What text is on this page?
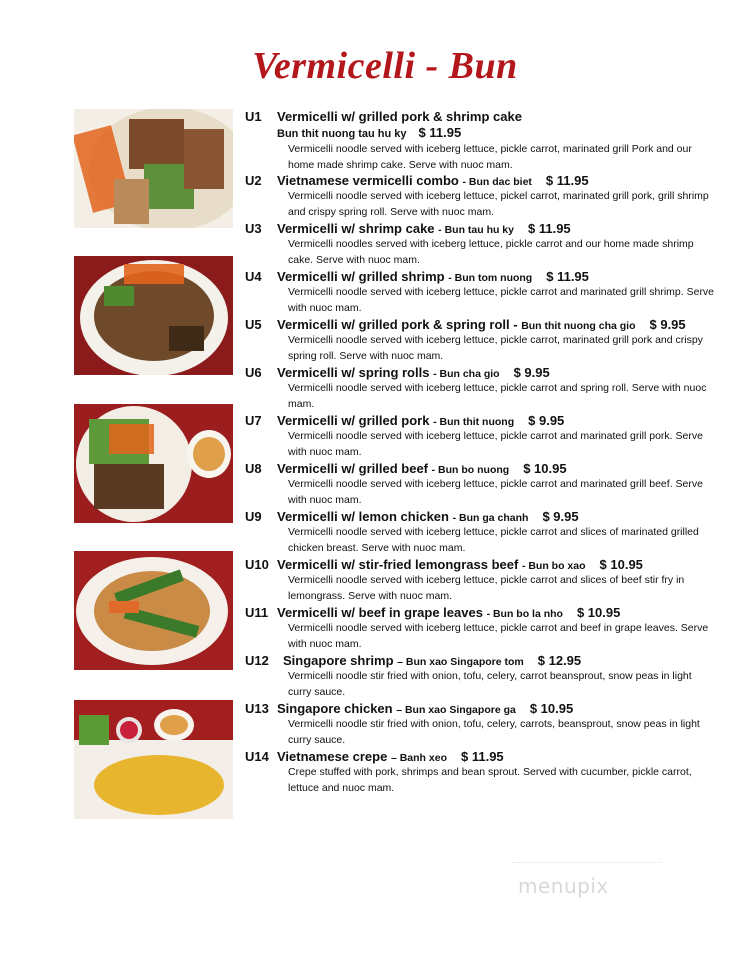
Vermicelli - Bun
U1 Vermicelli w/ grilled pork & shrimp cake
Bun thit nuong tau hu ky $ 11.95
Vermicelli noodle served with iceberg lettuce, pickle carrot, marinated grill Pork and our home made shrimp cake. Serve with nuoc mam.
U2 Vietnamese vermicelli combo - Bun dac biet $ 11.95
Vermicelli noodle served with iceberg lettuce, pickel carrot, marinated grill pork, grill shrimp and crispy spring roll. Serve with nuoc mam.
U3 Vermicelli w/ shrimp cake - Bun tau hu ky $ 11.95
Vermicelli noodles served with iceberg lettuce, pickle carrot and our home made shrimp cake. Serve with nuoc mam.
U4 Vermicelli w/ grilled shrimp - Bun tom nuong $ 11.95
Vermicelli noodle served with iceberg lettuce, pickle carrot and marinated grill shrimp. Serve with nuoc mam.
U5 Vermicelli w/ grilled pork & spring roll - Bun thit nuong cha gio $ 9.95
Vermicelli noodle served with iceberg lettuce, pickle carrot, marinated grill pork and crispy spring roll. Serve with nuoc mam.
U6 Vermicelli w/ spring rolls - Bun cha gio $ 9.95
Vermicelli noodle served with iceberg lettuce, pickle carrot and spring roll. Serve with nuoc mam.
U7 Vermicelli w/ grilled pork - Bun thit nuong $ 9.95
Vermicelli noodle served with iceberg lettuce, pickle carrot and marinated grill pork. Serve with nuoc mam.
U8 Vermicelli w/ grilled beef - Bun bo nuong $ 10.95
Vermicelli noodle served with iceberg lettuce, pickle carrot and marinated grill beef. Serve with nuoc mam.
U9 Vermicelli w/ lemon chicken - Bun ga chanh $ 9.95
Vermicelli noodle served with iceberg lettuce, pickle carrot and slices of marinated grilled chicken breast. Serve with nuoc mam.
U10 Vermicelli w/ stir-fried lemongrass beef - Bun bo xao $ 10.95
Vermicelli noodle served with iceberg lettuce, pickle carrot and slices of beef stir fry in lemongrass. Serve with nuoc mam.
U11 Vermicelli w/ beef in grape leaves - Bun bo la nho $ 10.95
Vermicelli noodle served with iceberg lettuce, pickle carrot and beef in grape leaves. Serve with nuoc mam.
U12 Singapore shrimp – Bun xao Singapore tom $ 12.95
Vermicelli noodle stir fried with onion, tofu, celery, carrot beansprout, snow peas in light curry sauce.
U13 Singapore chicken – Bun xao Singapore ga $ 10.95
Vermicelli noodle stir fried with onion, tofu, celery, carrots, beansprout, snow peas in light curry sauce.
U14 Vietnamese crepe – Banh xeo $ 11.95
Crepe stuffed with pork, shrimps and bean sprout. Served with cucumber, pickle carrot, lettuce and nuoc mam.
menupix
